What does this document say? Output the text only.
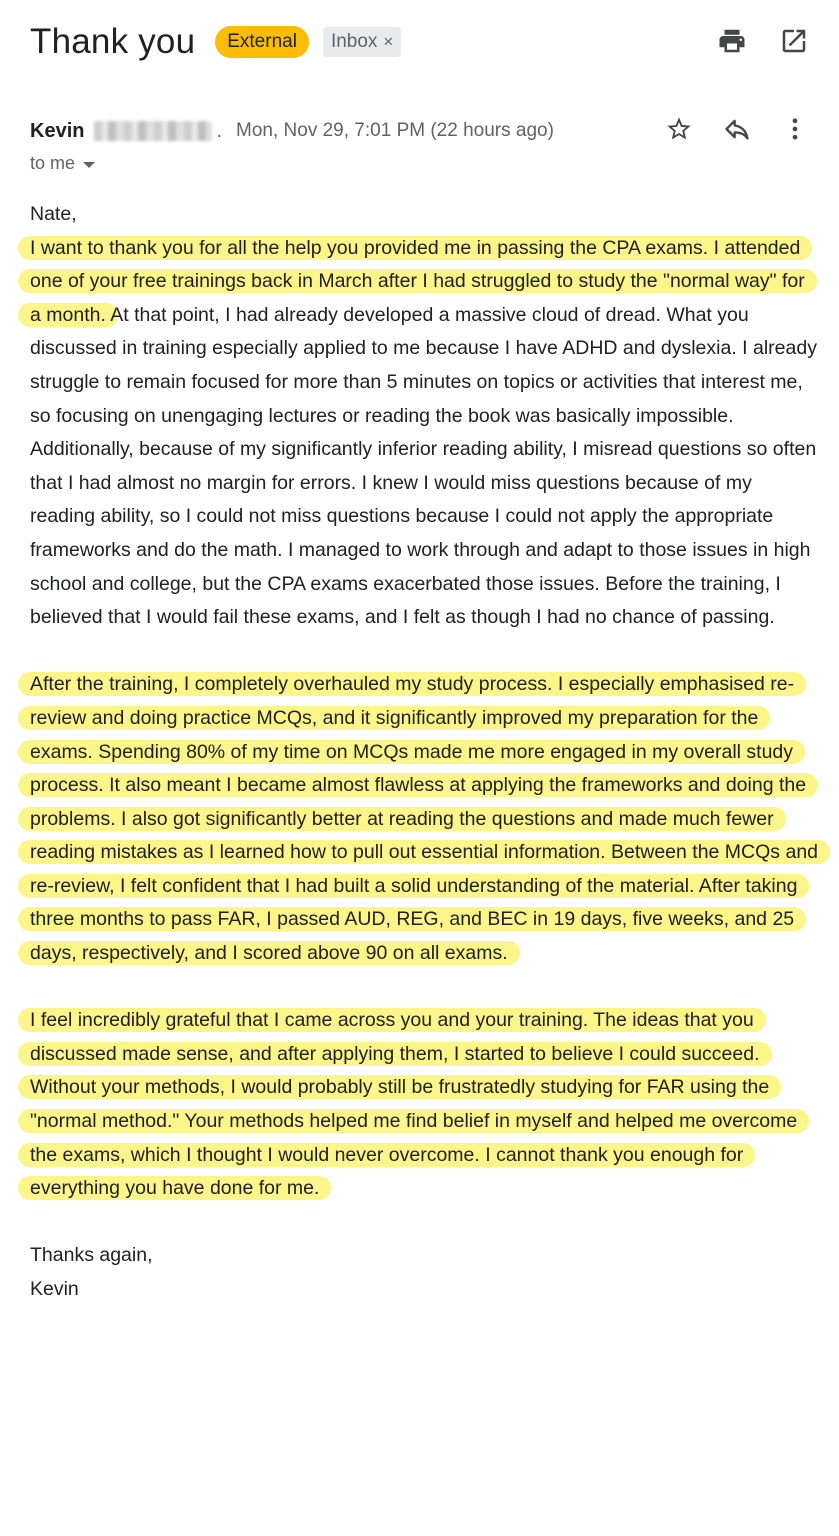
Thank you	External	Inbox ×
Kevin	. Mon, Nov 29, 7:01 PM (22 hours ago)
to me

Nate,

I want to thank you for all the help you provided me in passing the CPA exams. I attended one of your free trainings back in March after I had struggled to study the "normal way" for a month. At that point, I had already developed a massive cloud of dread. What you discussed in training especially applied to me because I have ADHD and dyslexia. I already struggle to remain focused for more than 5 minutes on topics or activities that interest me, so focusing on unengaging lectures or reading the book was basically impossible. Additionally, because of my significantly inferior reading ability, I misread questions so often that I had almost no margin for errors. I knew I would miss questions because of my reading ability, so I could not miss questions because I could not apply the appropriate frameworks and do the math. I managed to work through and adapt to those issues in high school and college, but the CPA exams exacerbated those issues. Before the training, I believed that I would fail these exams, and I felt as though I had no chance of passing.

After the training, I completely overhauled my study process. I especially emphasised re-review and doing practice MCQs, and it significantly improved my preparation for the exams. Spending 80% of my time on MCQs made me more engaged in my overall study process. It also meant I became almost flawless at applying the frameworks and doing the problems. I also got significantly better at reading the questions and made much fewer reading mistakes as I learned how to pull out essential information. Between the MCQs and re-review, I felt confident that I had built a solid understanding of the material. After taking three months to pass FAR, I passed AUD, REG, and BEC in 19 days, five weeks, and 25 days, respectively, and I scored above 90 on all exams.

I feel incredibly grateful that I came across you and your training. The ideas that you discussed made sense, and after applying them, I started to believe I could succeed. Without your methods, I would probably still be frustratedly studying for FAR using the "normal method." Your methods helped me find belief in myself and helped me overcome the exams, which I thought I would never overcome. I cannot thank you enough for everything you have done for me.

Thanks again,
Kevin
